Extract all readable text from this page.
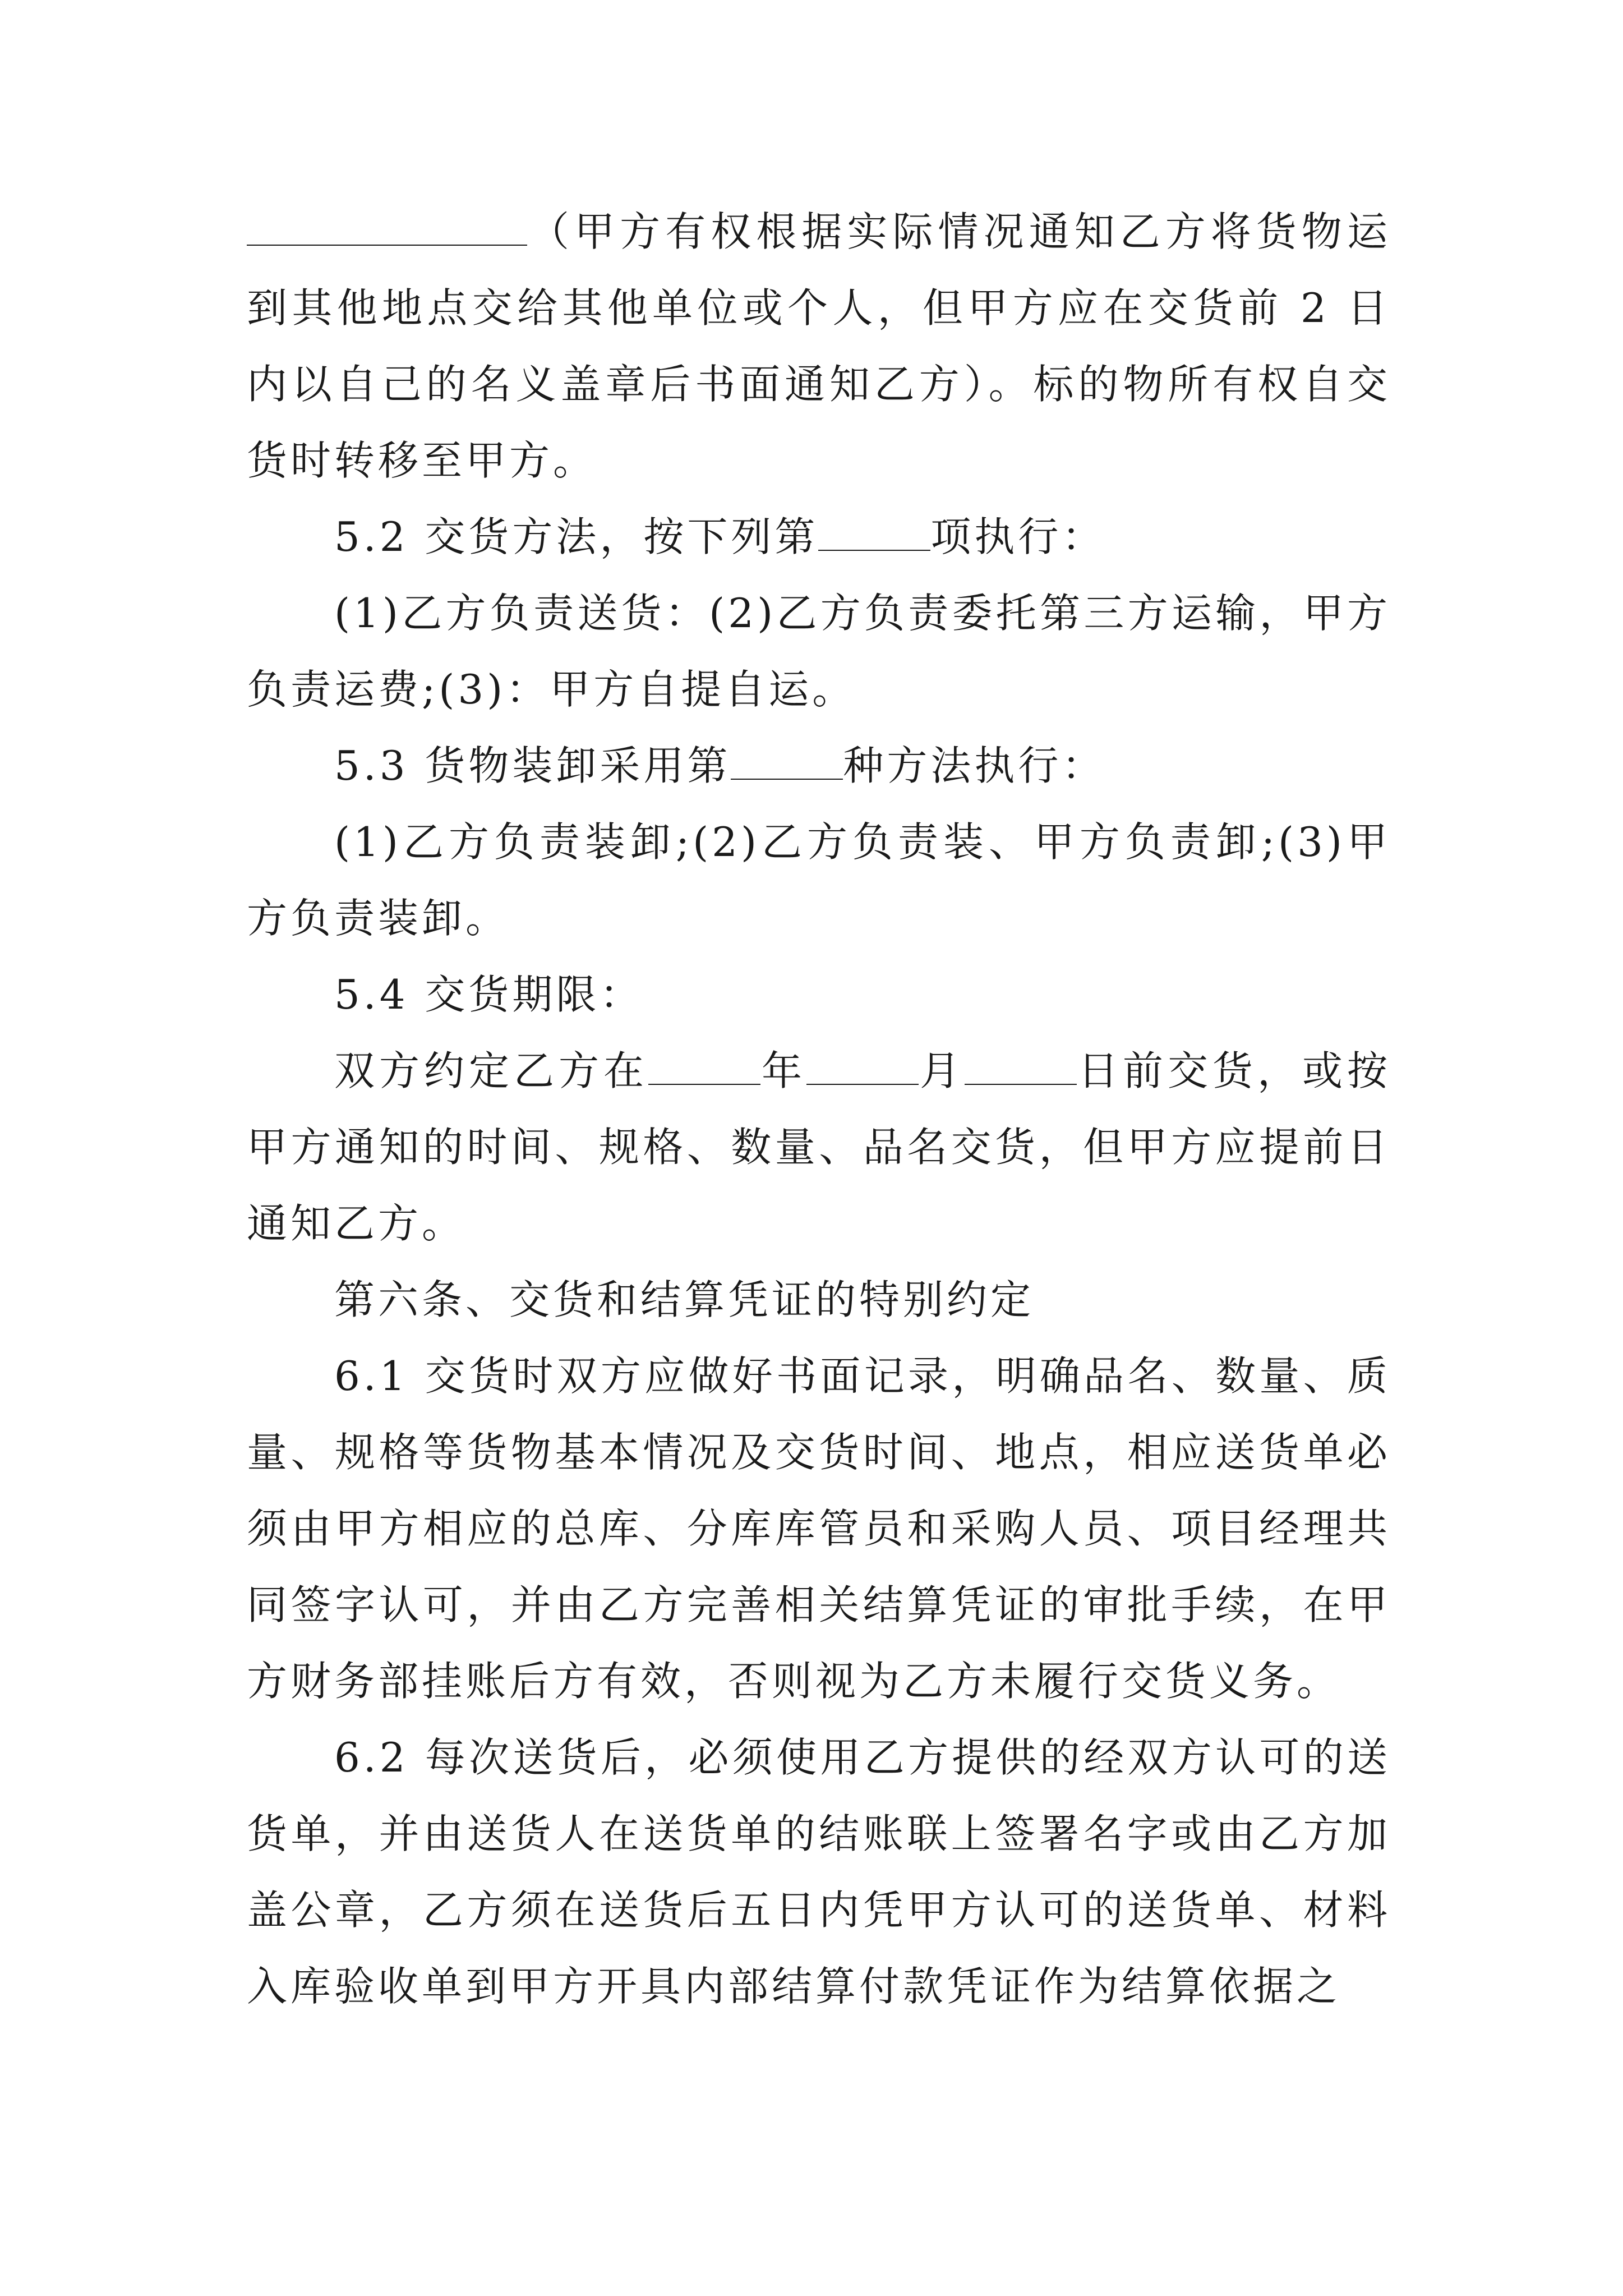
（甲方有权根据实际情况通知乙方将货物运到其他地点交给其他单位或个人，但甲方应在交货前 2 日内以自己的名义盖章后书面通知乙方）。标的物所有权自交货时转移至甲方。

5.2 交货方法，按下列第	项执行：

(1)乙方负责送货：(2)乙方负责委托第三方运输，甲方负责运费;(3)：甲方自提自运。

5.3 货物装卸采用第	种方法执行：

(1)乙方负责装卸;(2)乙方负责装、甲方负责卸;(3)甲方负责装卸。

5.4 交货期限：

双方约定乙方在	年	月	日前交货，或按甲方通知的时间、规格、数量、品名交货，但甲方应提前日通知乙方。

第六条、交货和结算凭证的特别约定

6.1 交货时双方应做好书面记录，明确品名、数量、质量、规格等货物基本情况及交货时间、地点，相应送货单必须由甲方相应的总库、分库库管员和采购人员、项目经理共同签字认可，并由乙方完善相关结算凭证的审批手续，在甲方财务部挂账后方有效，否则视为乙方未履行交货义务。

6.2 每次送货后，必须使用乙方提供的经双方认可的送货单，并由送货人在送货单的结账联上签署名字或由乙方加盖公章，乙方须在送货后五日内凭甲方认可的送货单、材料入库验收单到甲方开具内部结算付款凭证作为结算依据之
